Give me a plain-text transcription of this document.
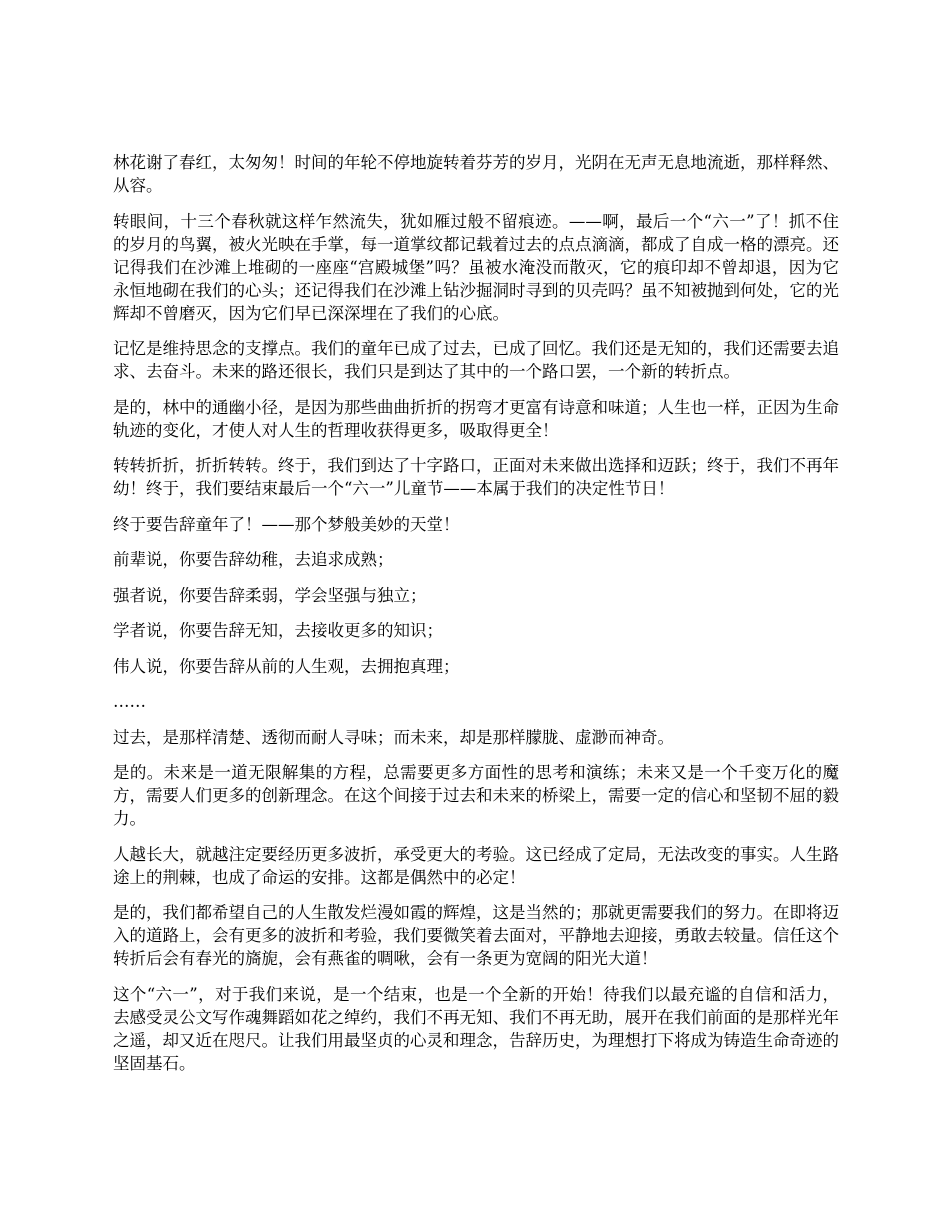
林花谢了春红，太匆匆！时间的年轮不停地旋转着芬芳的岁月，光阴在无声无息地流逝，那样释然、从容。

转眼间，十三个春秋就这样乍然流失，犹如雁过般不留痕迹。——啊，最后一个“六一”了！抓不住的岁月的鸟翼，被火光映在手掌，每一道掌纹都记载着过去的点点滴滴，都成了自成一格的漂亮。还记得我们在沙滩上堆砌的一座座“宫殿城堡”吗？虽被水淹没而散灭，它的痕印却不曾却退，因为它永恒地砌在我们的心头；还记得我们在沙滩上钻沙掘洞时寻到的贝壳吗？虽不知被抛到何处，它的光辉却不曾磨灭，因为它们早已深深埋在了我们的心底。

记忆是维持思念的支撑点。我们的童年已成了过去，已成了回忆。我们还是无知的，我们还需要去追求、去奋斗。未来的路还很长，我们只是到达了其中的一个路口罢，一个新的转折点。

是的，林中的通幽小径，是因为那些曲曲折折的拐弯才更富有诗意和味道；人生也一样，正因为生命轨迹的变化，才使人对人生的哲理收获得更多，吸取得更全！

转转折折，折折转转。终于，我们到达了十字路口，正面对未来做出选择和迈跃；终于，我们不再年幼！终于，我们要结束最后一个“六一”儿童节——本属于我们的决定性节日！

终于要告辞童年了！——那个梦般美妙的天堂！

前辈说，你要告辞幼稚，去追求成熟；

强者说，你要告辞柔弱，学会坚强与独立；

学者说，你要告辞无知，去接收更多的知识；

伟人说，你要告辞从前的人生观，去拥抱真理；

……

过去，是那样清楚、透彻而耐人寻味；而未来，却是那样朦胧、虚渺而神奇。

是的。未来是一道无限解集的方程，总需要更多方面性的思考和演练；未来又是一个千变万化的魔方，需要人们更多的创新理念。在这个间接于过去和未来的桥梁上，需要一定的信心和坚韧不屈的毅力。

人越长大，就越注定要经历更多波折，承受更大的考验。这已经成了定局，无法改变的事实。人生路途上的荆棘，也成了命运的安排。这都是偶然中的必定！

是的，我们都希望自己的人生散发烂漫如霞的辉煌，这是当然的；那就更需要我们的努力。在即将迈入的道路上，会有更多的波折和考验，我们要微笑着去面对，平静地去迎接，勇敢去较量。信任这个转折后会有春光的旖旎，会有燕雀的啁啾，会有一条更为宽阔的阳光大道！

这个“六一”，对于我们来说，是一个结束，也是一个全新的开始！待我们以最充谧的自信和活力，去感受灵公文写作魂舞蹈如花之绰约，我们不再无知、我们不再无助，展开在我们前面的是那样光年之遥，却又近在咫尺。让我们用最坚贞的心灵和理念，告辞历史，为理想打下将成为铸造生命奇迹的坚固基石。
